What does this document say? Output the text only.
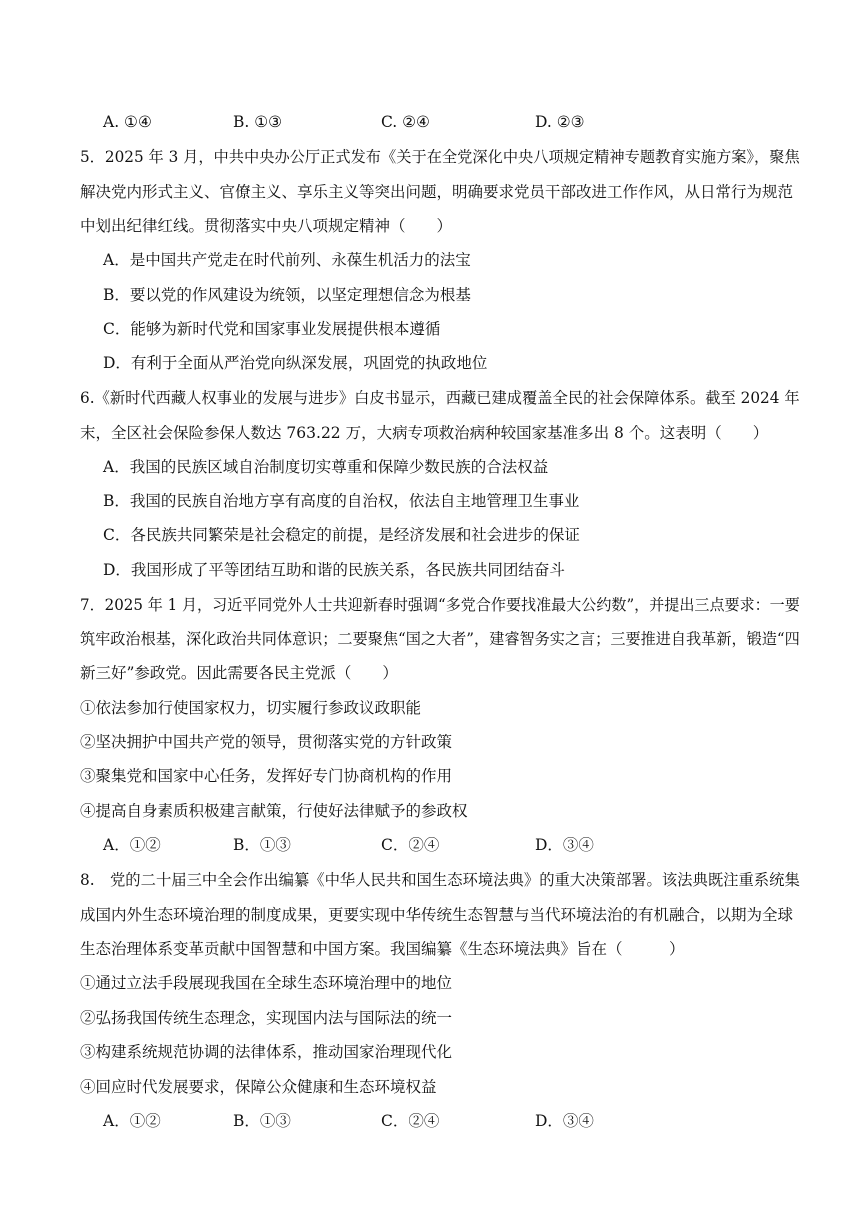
A. ①④	B. ①③	C. ②④	D. ②③
5．2025 年 3 月，中共中央办公厅正式发布《关于在全党深化中央八项规定精神专题教育实施方案》，聚焦
解决党内形式主义、官僚主义、享乐主义等突出问题，明确要求党员干部改进工作作风，从日常行为规范
中划出纪律红线。贯彻落实中央八项规定精神（　　）
A．是中国共产党走在时代前列、永葆生机活力的法宝
B．要以党的作风建设为统领，以坚定理想信念为根基
C．能够为新时代党和国家事业发展提供根本遵循
D．有利于全面从严治党向纵深发展，巩固党的执政地位
6.《新时代西藏人权事业的发展与进步》白皮书显示，西藏已建成覆盖全民的社会保障体系。截至 2024 年
末，全区社会保险参保人数达 763.22 万，大病专项救治病种较国家基准多出 8 个。这表明（　　）
A．我国的民族区域自治制度切实尊重和保障少数民族的合法权益
B．我国的民族自治地方享有高度的自治权，依法自主地管理卫生事业
C．各民族共同繁荣是社会稳定的前提，是经济发展和社会进步的保证
D．我国形成了平等团结互助和谐的民族关系，各民族共同团结奋斗
7．2025 年 1 月，习近平同党外人士共迎新春时强调“多党合作要找准最大公约数”，并提出三点要求：一要
筑牢政治根基，深化政治共同体意识；二要聚焦“国之大者”，建睿智务实之言；三要推进自我革新，锻造“四
新三好”参政党。因此需要各民主党派（　　）
①依法参加行使国家权力，切实履行参政议政职能
②坚决拥护中国共产党的领导，贯彻落实党的方针政策
③聚集党和国家中心任务，发挥好专门协商机构的作用
④提高自身素质积极建言献策，行使好法律赋予的参政权
A．①②	B．①③	C．②④	D．③④
8.　党的二十届三中全会作出编纂《中华人民共和国生态环境法典》的重大决策部署。该法典既注重系统集
成国内外生态环境治理的制度成果，更要实现中华传统生态智慧与当代环境法治的有机融合，以期为全球
生态治理体系变革贡献中国智慧和中国方案。我国编纂《生态环境法典》旨在（　　　）
①通过立法手段展现我国在全球生态环境治理中的地位
②弘扬我国传统生态理念，实现国内法与国际法的统一
③构建系统规范协调的法律体系，推动国家治理现代化
④回应时代发展要求，保障公众健康和生态环境权益
A．①②	B．①③	C．②④	D．③④
